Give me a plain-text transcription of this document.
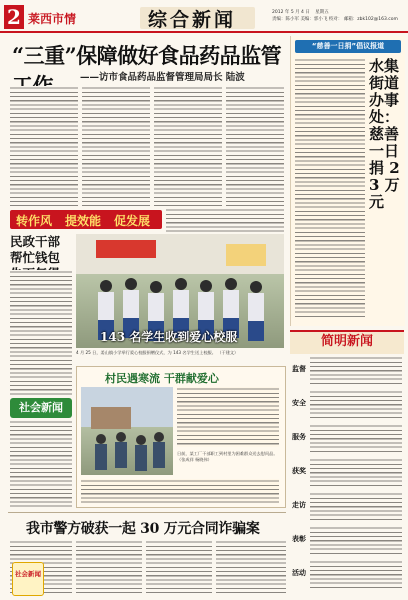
2 莱西市情	综合新闻	2012 年 5 月 4 日 星期五
责编：陈小军 美编：郭小飞 校对： 邮箱：zbk102@163.com
“三重”保障做好食品药品监管
——访市食品药品监督管理局局长 陆波
转作风 提效能 促发展
“慈善一日捐”倡议报道
水集街道办事处：慈善一日捐 23 万元
民政干部帮忙钱包
143 名学生收到爱心校服
4 月 25 日，姜山镇小学举行爱心校服捐赠仪式，为 143 名学生送上校服。 （于建文）
社会新闻
村民遇寒流 干群献爱心
日前，某工厂干部职工到村里为困难群众送去慰问品。 （张成祥 杨晓伟）
简明新闻
监督
安全
服务
获奖
走访
表彰
活动
我市警方破获一起 30 万元合同诈骗案
社会新闻
